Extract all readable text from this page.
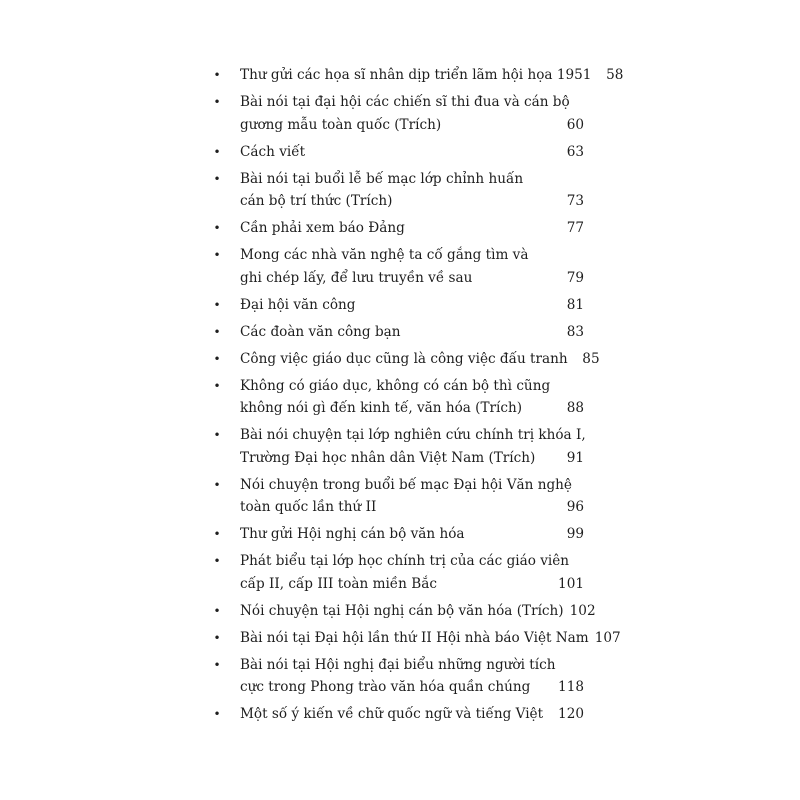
• Thư gửi các họa sĩ nhân dịp triển lãm hội họa 1951	58
• Bài nói tại đại hội các chiến sĩ thi đua và cán bộ
gương mẫu toàn quốc (Trích)	60
• Cách viết	63
• Bài nói tại buổi lễ bế mạc lớp chỉnh huấn
cán bộ trí thức (Trích)	73
• Cần phải xem báo Đảng	77
• Mong các nhà văn nghệ ta cố gắng tìm và
ghi chép lấy, để lưu truyền về sau	79
• Đại hội văn công	81
• Các đoàn văn công bạn	83
• Công việc giáo dục cũng là công việc đấu tranh	85
• Không có giáo dục, không có cán bộ thì cũng
không nói gì đến kinh tế, văn hóa (Trích)	88
• Bài nói chuyện tại lớp nghiên cứu chính trị khóa I,
Trường Đại học nhân dân Việt Nam (Trích)	91
• Nói chuyện trong buổi bế mạc Đại hội Văn nghệ
toàn quốc lần thứ II	96
• Thư gửi Hội nghị cán bộ văn hóa	99
• Phát biểu tại lớp học chính trị của các giáo viên
cấp II, cấp III toàn miền Bắc	101
• Nói chuyện tại Hội nghị cán bộ văn hóa (Trích) 102
• Bài nói tại Đại hội lần thứ II Hội nhà báo Việt Nam 107
• Bài nói tại Hội nghị đại biểu những người tích
cực trong Phong trào văn hóa quần chúng 118
• Một số ý kiến về chữ quốc ngữ và tiếng Việt 120
